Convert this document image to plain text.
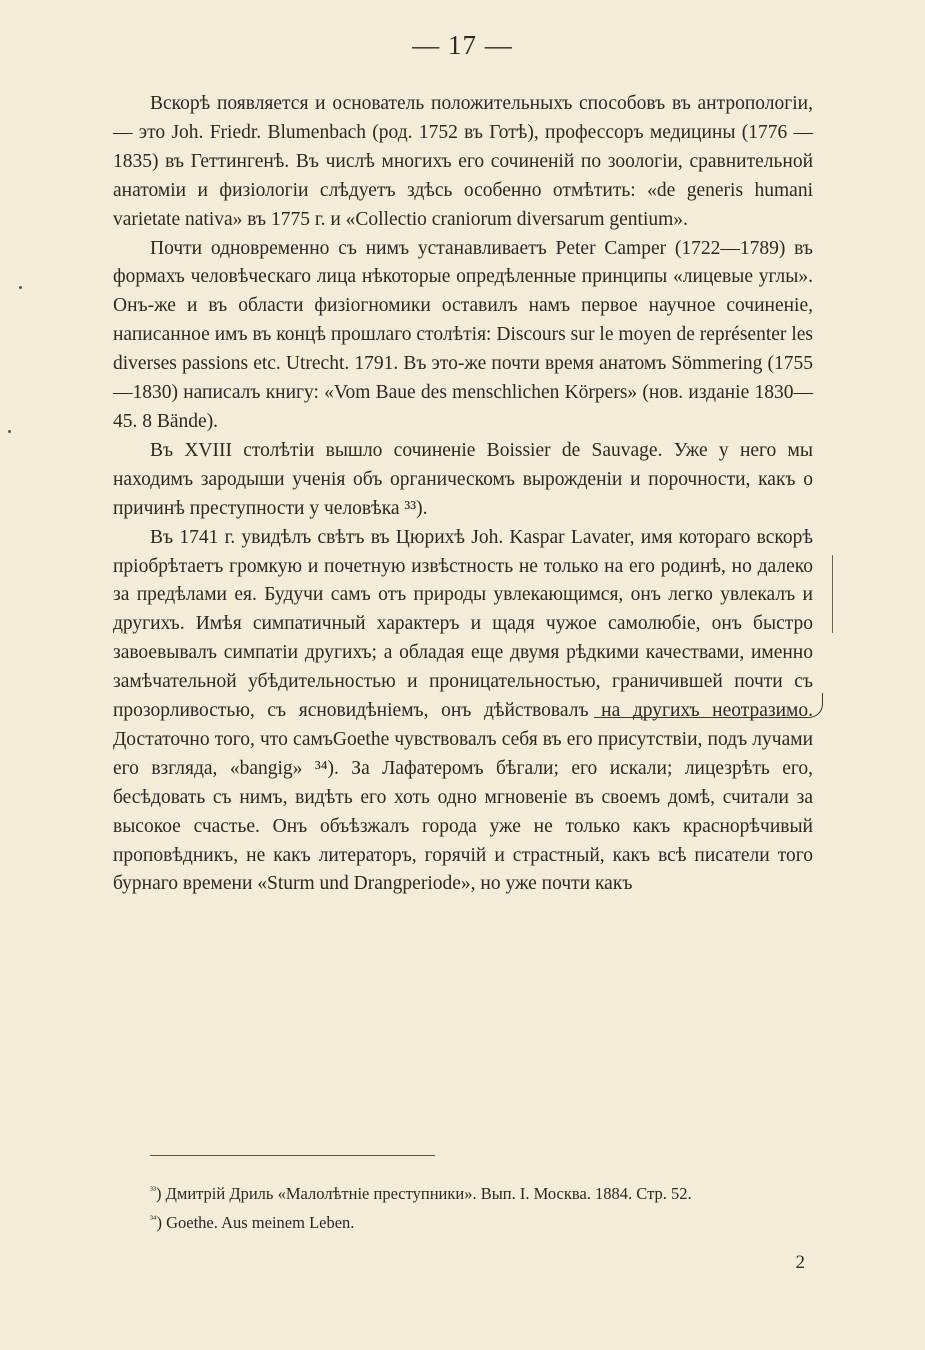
— 17 —

Вскорѣ появляется и основатель положительныхъ способовъ въ антропологіи, — это Joh. Friedr. Blumenbach (род. 1752 въ Готѣ), профессоръ медицины (1776 — 1835) въ Геттингенѣ. Въ числѣ многихъ его сочиненій по зоологіи, сравнительной анатоміи и физіологіи слѣдуетъ здѣсь особенно отмѣтить: «de generis humani varietate nativa» въ 1775 г. и «Collectio craniorum diversarum gentium».

Почти одновременно съ нимъ устанавливаетъ Peter Camper (1722—1789) въ формахъ человѣческаго лица нѣкоторые опредѣленные принципы «лицевые углы». Онъ-же и въ области физіогномики оставилъ намъ первое научное сочиненіе, написанное имъ въ концѣ прошлаго столѣтія: Discours sur le moyen de représenter les diverses passions etc. Utrecht. 1791. Въ это-же почти время анатомъ Sömmering (1755—1830) написалъ книгу: «Vom Baue des menschlichen Körpers» (нов. изданіе 1830—45. 8 Bände).

Въ XVIII столѣтіи вышло сочиненіе Boissier de Sauvage. Уже у него мы находимъ зародыши ученія объ органическомъ вырожденіи и порочности, какъ о причинѣ преступности у человѣка ³³).

Въ 1741 г. увидѣлъ свѣтъ въ Цюрихѣ Joh. Kaspar Lavater, имя котораго вскорѣ пріобрѣтаетъ громкую и почетную извѣстность не только на его родинѣ, но далеко за предѣлами ея. Будучи самъ отъ природы увлекающимся, онъ легко увлекалъ и другихъ. Имѣя симпатичный характеръ и щадя чужое самолюбіе, онъ быстро завоевывалъ симпатіи другихъ; а обладая еще двумя рѣдкими качествами, именно замѣчательной убѣдительностью и проницательностью, граничившей почти съ прозорливостью, съ ясновидѣніемъ, онъ дѣйствовалъ на другихъ неотразимо. Достаточно того, что самъGoethe чувствовалъ себя въ его присутствіи, подъ лучами его взгляда, «bangig» ³⁴). За Лафатеромъ бѣгали; его искали; лицезрѣть его, бесѣдовать съ нимъ, видѣть его хоть одно мгновеніе въ своемъ домѣ, считали за высокое счастье. Онъ объѣзжалъ города уже не только какъ краснорѣчивый проповѣдникъ, не какъ литераторъ, горячій и страстный, какъ всѣ писатели того бурнаго времени «Sturm und Drangperiode», но уже почти какъ

$^{^{33}}$) Дмитрій Дриль «Малолѣтніе преступники». Вып. I. Москва. 1884. Стр. 52.

$^{^{34}}$) Goethe. Aus meinem Leben.

2
